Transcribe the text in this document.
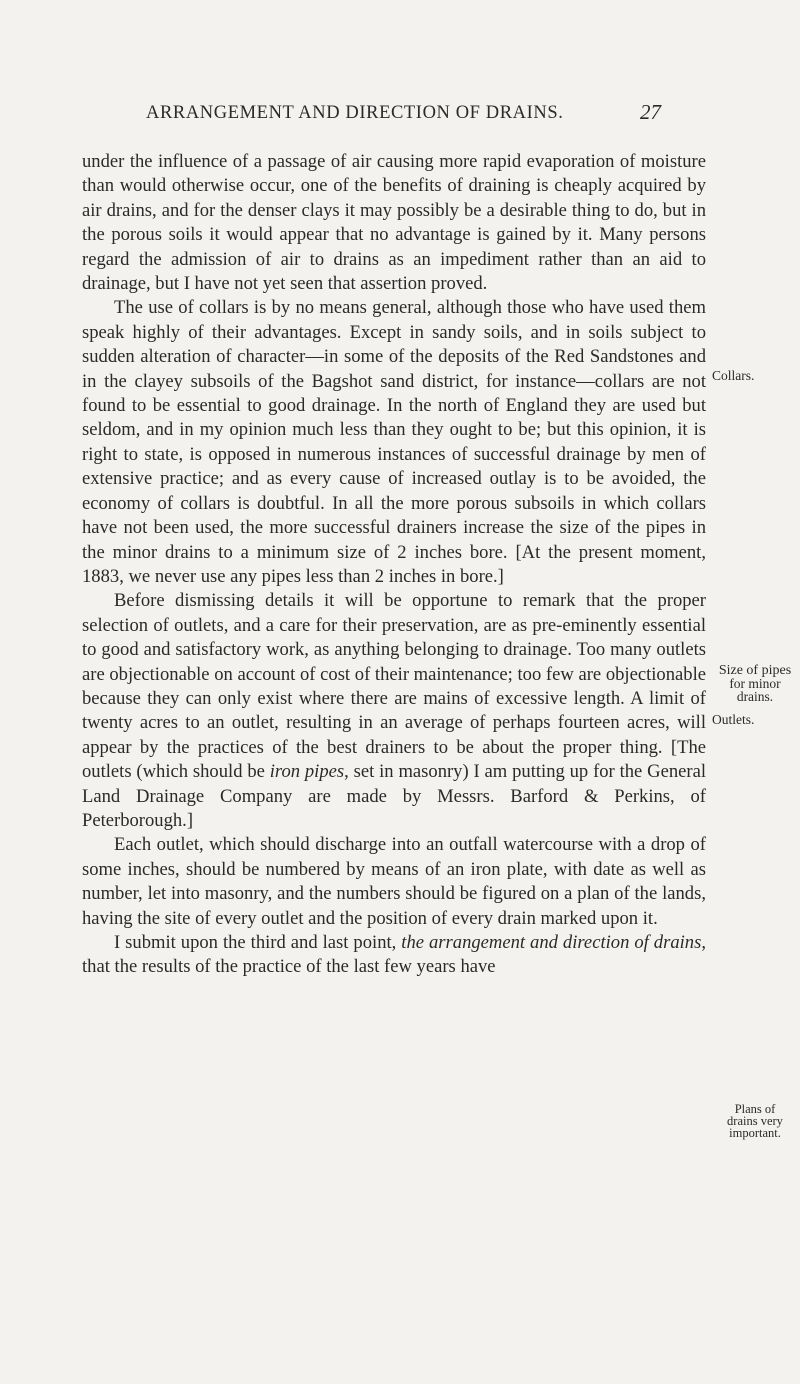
ARRANGEMENT AND DIRECTION OF DRAINS.	27

under the influence of a passage of air causing more rapid evaporation of moisture than would otherwise occur, one of the benefits of draining is cheaply acquired by air drains, and for the denser clays it may possibly be a desirable thing to do, but in the porous soils it would appear that no advantage is gained by it. Many persons regard the admission of air to drains as an impediment rather than an aid to drainage, but I have not yet seen that assertion proved.

The use of collars is by no means general, although those who have used them speak highly of their advantages. Except in sandy soils, and in soils subject to sudden alteration of character—in some of the deposits of the Red Sandstones and in the clayey subsoils of the Bagshot sand district, for instance—collars are not found to be essential to good drainage. In the north of England they are used but seldom, and in my opinion much less than they ought to be; but this opinion, it is right to state, is opposed in numerous instances of successful drainage by men of extensive practice; and as every cause of increased outlay is to be avoided, the economy of collars is doubtful. In all the more porous subsoils in which collars have not been used, the more successful drainers increase the size of the pipes in the minor drains to a minimum size of 2 inches bore. [At the present moment, 1883, we never use any pipes less than 2 inches in bore.]

Before dismissing details it will be opportune to remark that the proper selection of outlets, and a care for their preservation, are as pre-eminently essential to good and satisfactory work, as anything belonging to drainage. Too many outlets are objectionable on account of cost of their maintenance; too few are objectionable because they can only exist where there are mains of excessive length. A limit of twenty acres to an outlet, resulting in an average of perhaps fourteen acres, will appear by the practices of the best drainers to be about the proper thing. [The outlets (which should be iron pipes, set in masonry) I am putting up for the General Land Drainage Company are made by Messrs. Barford & Perkins, of Peterborough.]

Each outlet, which should discharge into an outfall watercourse with a drop of some inches, should be numbered by means of an iron plate, with date as well as number, let into masonry, and the numbers should be figured on a plan of the lands, having the site of every outlet and the position of every drain marked upon it.

I submit upon the third and last point, the arrangement and direction of drains, that the results of the practice of the last few years have

Collars.
Size of pipes
for minor
drains.
Outlets.
Plans of
drains very
important.
